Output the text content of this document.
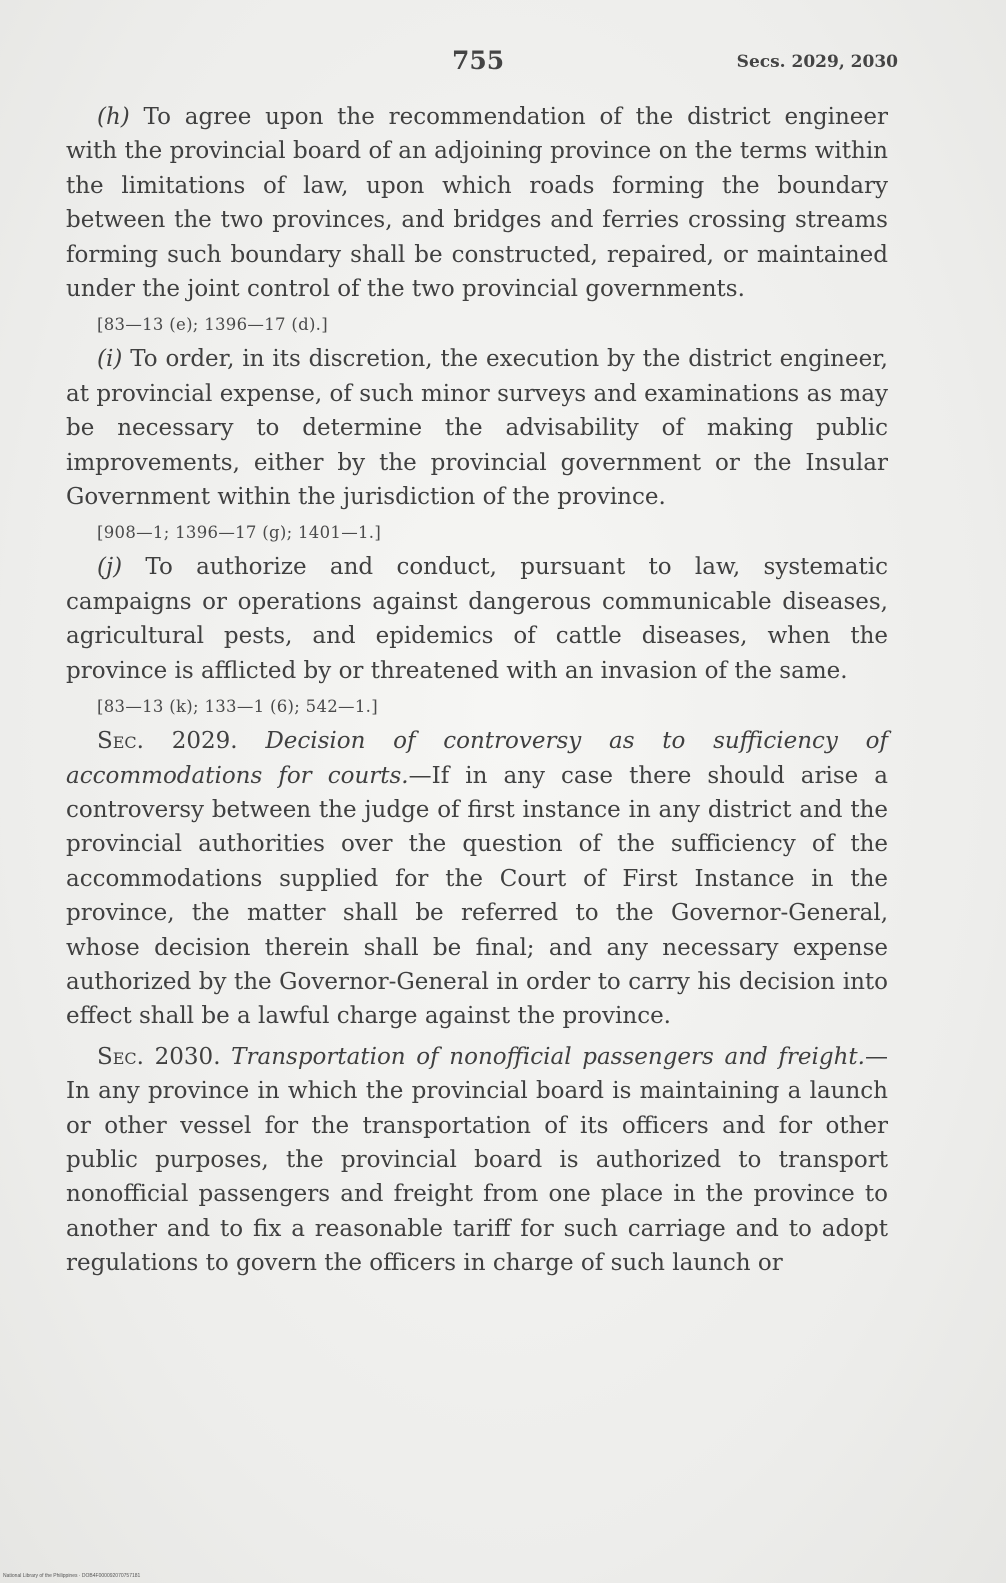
755	Secs. 2029, 2030

(h) To agree upon the recommendation of the district engineer with the provincial board of an adjoining province on the terms within the limitations of law, upon which roads forming the boundary between the two provinces, and bridges and ferries crossing streams forming such boundary shall be constructed, repaired, or maintained under the joint control of the two provincial governments.

[83—13 (e); 1396—17 (d).]

(i) To order, in its discretion, the execution by the district engineer, at provincial expense, of such minor surveys and examinations as may be necessary to determine the advisability of making public improvements, either by the provincial government or the Insular Government within the jurisdiction of the province.

[908—1; 1396—17 (g); 1401—1.]

(j) To authorize and conduct, pursuant to law, systematic campaigns or operations against dangerous communicable diseases, agricultural pests, and epidemics of cattle diseases, when the province is afflicted by or threatened with an invasion of the same.

[83—13 (k); 133—1 (6); 542—1.]

Sec. 2029. Decision of controversy as to sufficiency of accommodations for courts.—If in any case there should arise a controversy between the judge of first instance in any district and the provincial authorities over the question of the sufficiency of the accommodations supplied for the Court of First Instance in the province, the matter shall be referred to the Governor-General, whose decision therein shall be final; and any necessary expense authorized by the Governor-General in order to carry his decision into effect shall be a lawful charge against the province.

Sec. 2030. Transportation of nonofficial passengers and freight.—In any province in which the provincial board is maintaining a launch or other vessel for the transportation of its officers and for other public purposes, the provincial board is authorized to transport nonofficial passengers and freight from one place in the province to another and to fix a reasonable tariff for such carriage and to adopt regulations to govern the officers in charge of such launch or

National Library of the Philippines · DOB4F000092070757181
